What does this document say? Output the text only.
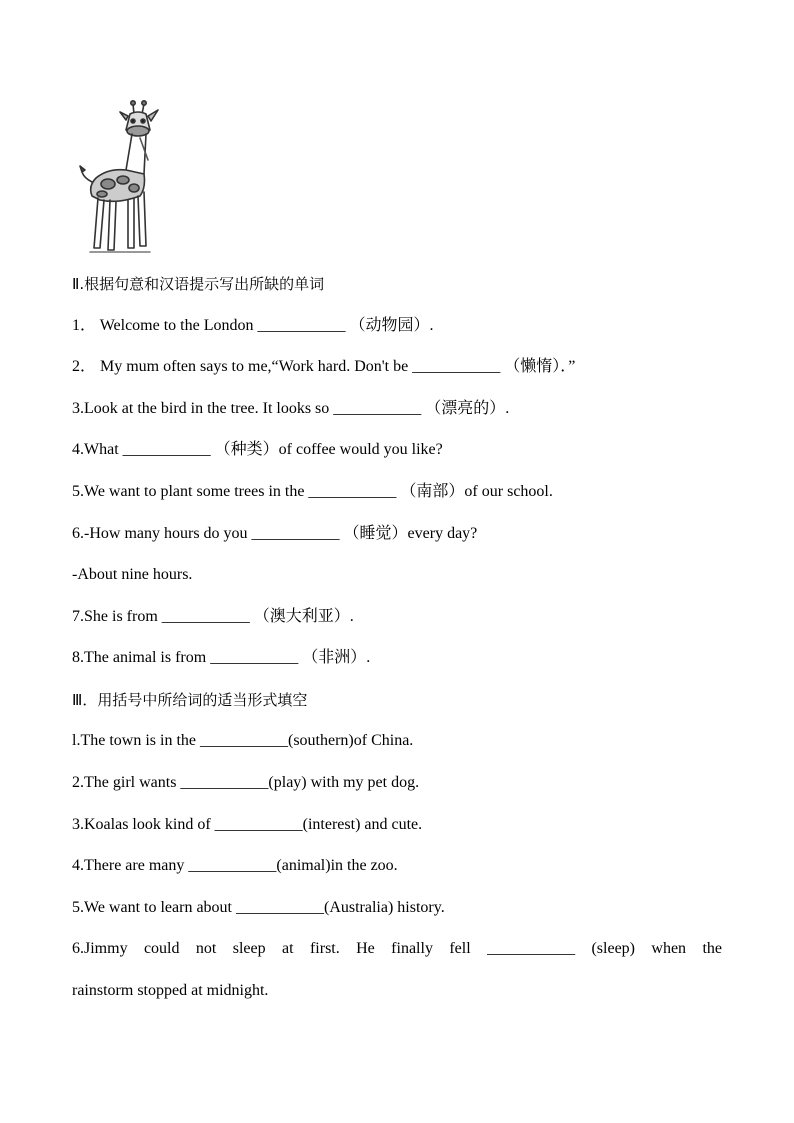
Ⅱ.根据句意和汉语提示写出所缺的单词
1． Welcome to the London ___________ （动物园）.
2． My mum often says to me,“Work hard. Don't be ___________ （懒惰）．”
3.Look at the bird in the tree. It looks so ___________ （漂亮的）.
4.What ___________ （种类）of coffee would you like?
5.We want to plant some trees in the ___________ （南部）of our school.
6.-How many hours do you ___________ （睡觉）every day?
-About nine hours.
7.She is from ___________ （澳大利亚）.
8.The animal is from ___________ （非洲）.
Ⅲ．用括号中所给词的适当形式填空
l.The town is in the ___________(southern)of China.
2.The girl wants ___________(play) with my pet dog.
3.Koalas look kind of ___________(interest) and cute.
4.There are many ___________(animal)in the zoo.
5.We want to learn about ___________(Australia) history.
6.Jimmy could not sleep at first. He finally fell ___________ (sleep) when the
rainstorm stopped at midnight.
